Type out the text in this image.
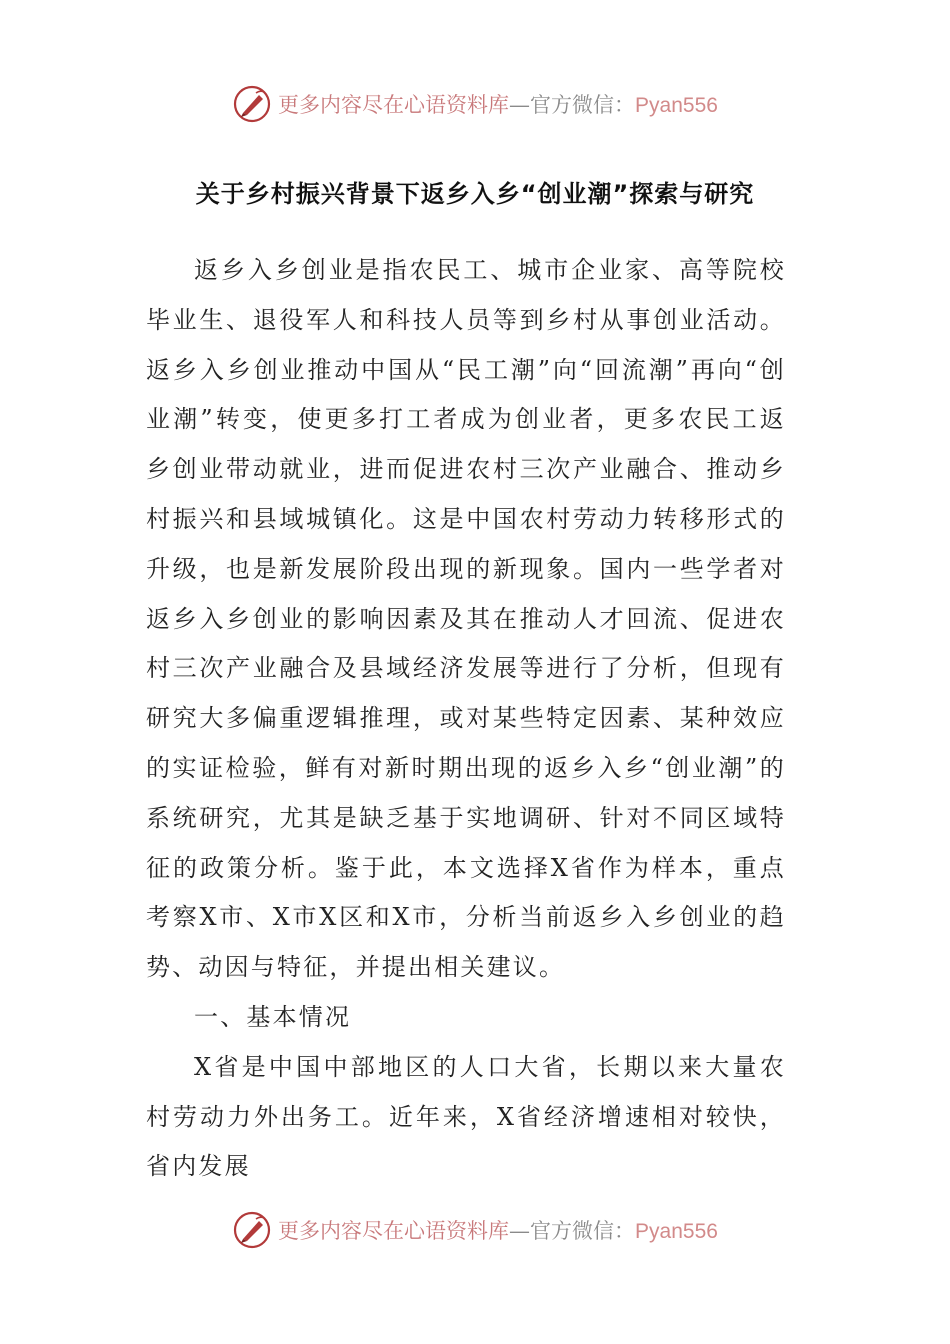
更多内容尽在心语资料库—官方微信：Pyan556
关于乡村振兴背景下返乡入乡“创业潮”探索与研究

返乡入乡创业是指农民工、城市企业家、高等院校毕业生、退役军人和科技人员等到乡村从事创业活动。返乡入乡创业推动中国从“民工潮”向“回流潮”再向“创业潮”转变，使更多打工者成为创业者，更多农民工返乡创业带动就业，进而促进农村三次产业融合、推动乡村振兴和县域城镇化。这是中国农村劳动力转移形式的升级，也是新发展阶段出现的新现象。国内一些学者对返乡入乡创业的影响因素及其在推动人才回流、促进农村三次产业融合及县域经济发展等进行了分析，但现有研究大多偏重逻辑推理，或对某些特定因素、某种效应的实证检验，鲜有对新时期出现的返乡入乡“创业潮”的系统研究，尤其是缺乏基于实地调研、针对不同区域特征的政策分析。鉴于此，本文选择X省作为样本，重点考察X市、X市X区和X市，分析当前返乡入乡创业的趋势、动因与特征，并提出相关建议。

一、基本情况

X省是中国中部地区的人口大省，长期以来大量农村劳动力外出务工。近年来，X省经济增速相对较快，省内发展

更多内容尽在心语资料库—官方微信：Pyan556
